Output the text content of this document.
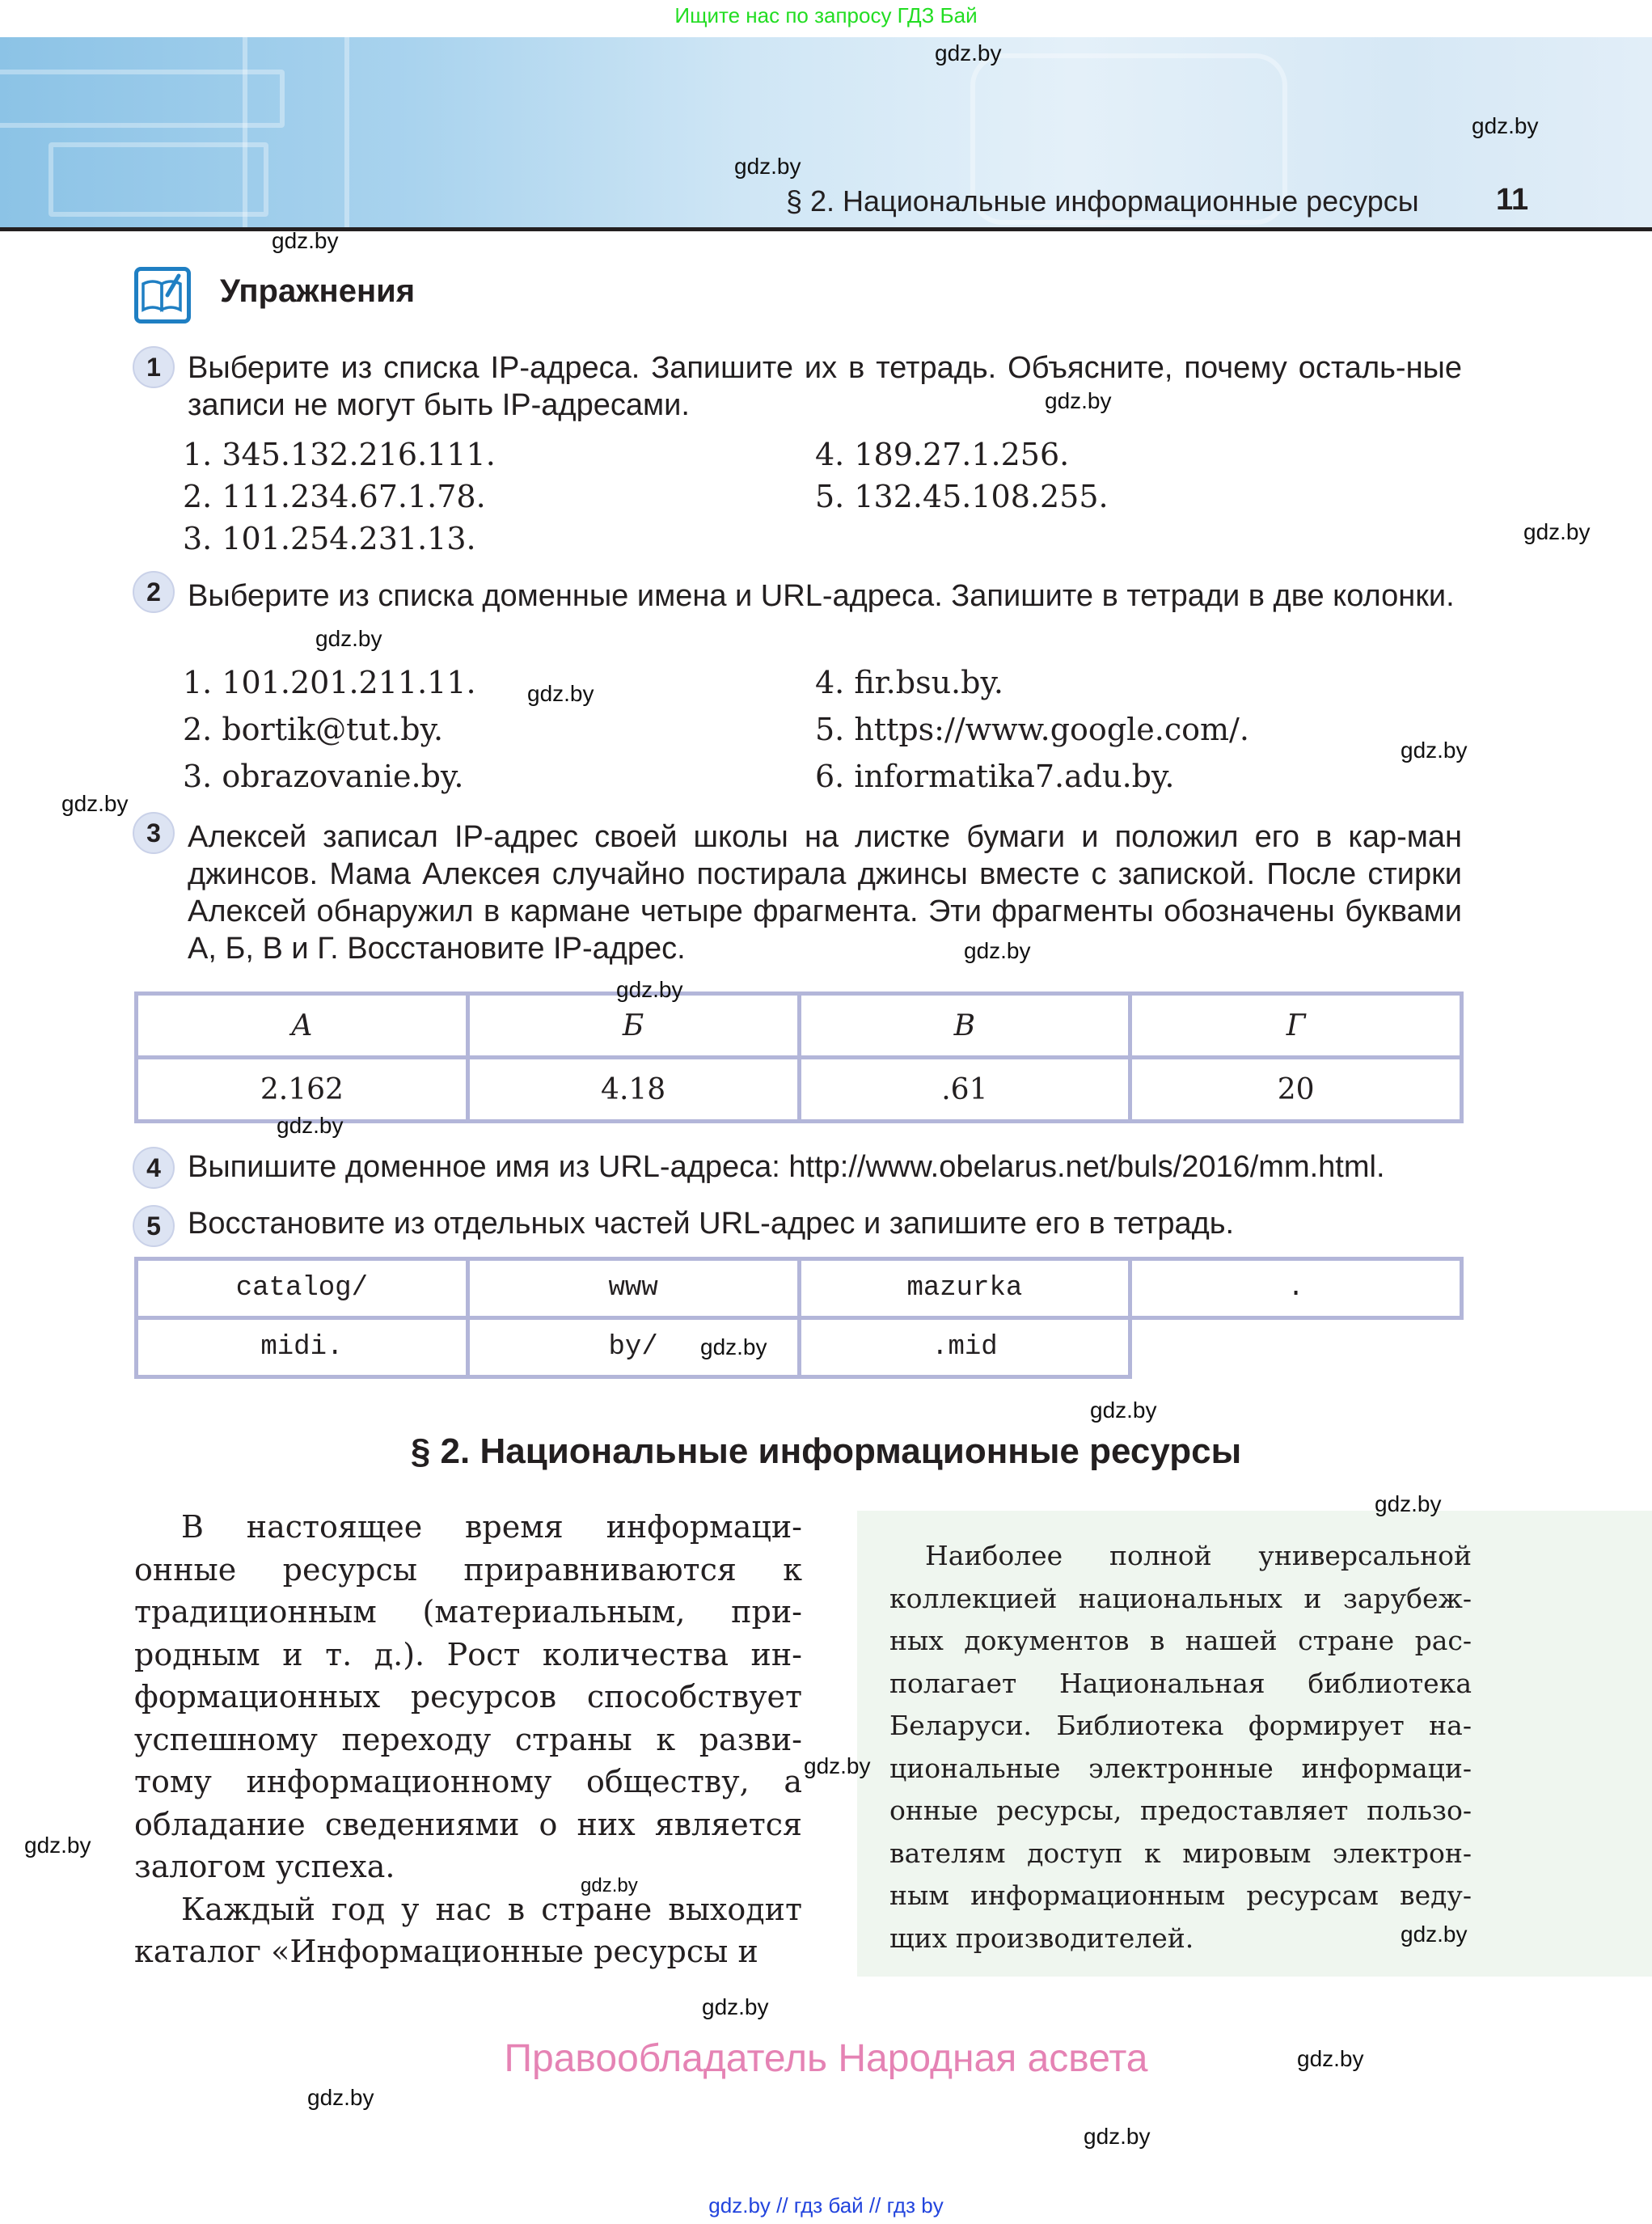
Ищите нас по запросу ГДЗ Бай
§ 2. Национальные информационные ресурсы	11
Упражнения
1 Выберите из списка IP-адреса. Запишите их в тетрадь. Объясните, почему осталь-ные записи не могут быть IP-адресами.
1. 345.132.216.111.
2. 111.234.67.1.78.
3. 101.254.231.13.
4. 189.27.1.256.
5. 132.45.108.255.
2 Выберите из списка доменные имена и URL-адреса. Запишите в тетради в две колонки.
1. 101.201.211.11.
2. bortik@tut.by.
3. obrazovanie.by.
4. fir.bsu.by.
5. https://www.google.com/.
6. informatika7.adu.by.
3 Алексей записал IP-адрес своей школы на листке бумаги и положил его в кар-ман джинсов. Мама Алексея случайно постирала джинсы вместе с запиской. После стирки Алексей обнаружил в кармане четыре фрагмента. Эти фрагменты обозначены буквами А, Б, В и Г. Восстановите IP-адрес.
А	Б	В	Г
2.162	4.18	.61	20
4 Выпишите доменное имя из URL-адреса: http://www.obelarus.net/buls/2016/mm.html.
5 Восстановите из отдельных частей URL-адрес и запишите его в тетрадь.
catalog/	www	mazurka	.
midi.	by/	.mid	
§ 2. Национальные информационные ресурсы

В настоящее время информаци-онные ресурсы приравниваются к традиционным (материальным, при-родным и т. д.). Рост количества ин-формационных ресурсов способствует успешному переходу страны к разви-тому информационному обществу, а обладание сведениями о них является залогом успеха.

Каждый год у нас в стране выходит каталог «Информационные ресурсы и

Наиболее полной универсальной коллекцией национальных и зарубеж-ных документов в нашей стране рас-полагает Национальная библиотека Беларуси. Библиотека формирует на-циональные электронные информаци-онные ресурсы, предоставляет пользо-вателям доступ к мировым электрон-ным информационным ресурсам веду-щих производителей.

Правообладатель Народная асвета
gdz.by
gdz.by
gdz.by
gdz.by
gdz.by
gdz.by
gdz.by
gdz.by
gdz.by
gdz.by
gdz.by
gdz.by
gdz.by
gdz.by
gdz.by
gdz.by
gdz.by
gdz.by
gdz.by
gdz.by
gdz.by
gdz.by
gdz.by
gdz.by
gdz.by // гдз бай // гдз by
